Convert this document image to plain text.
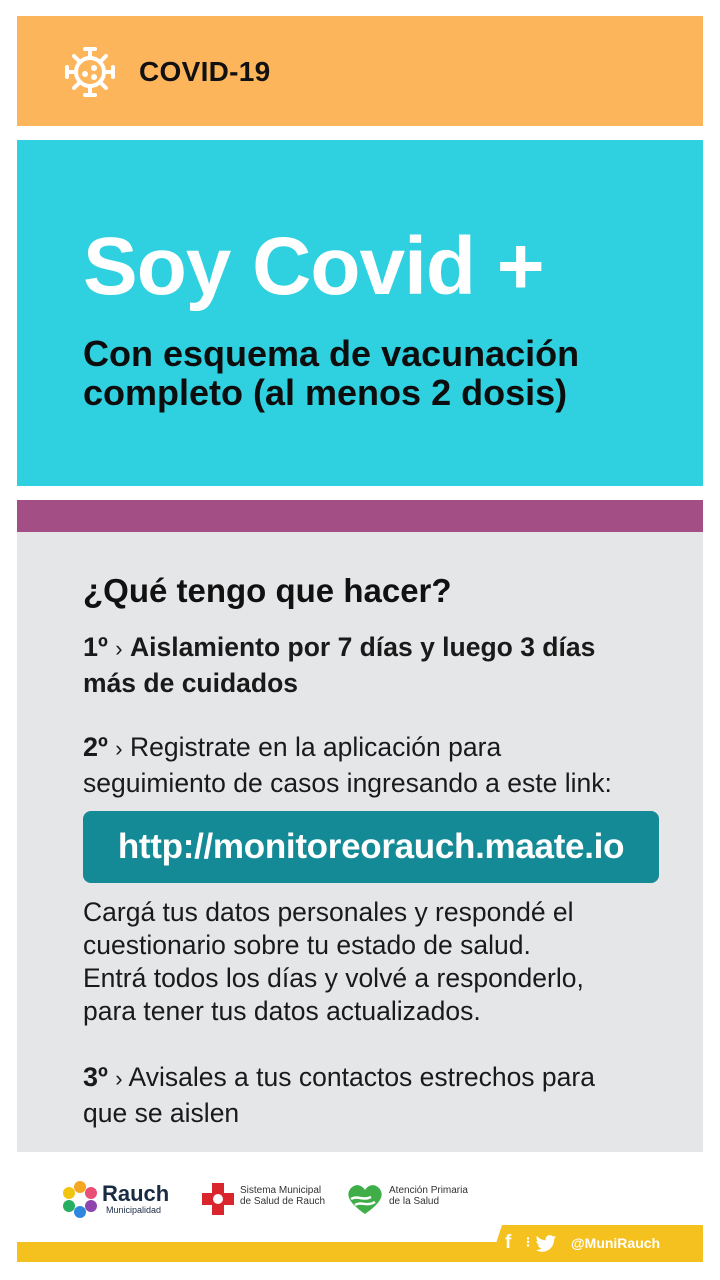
COVID-19
Soy Covid +
Con esquema de vacunación
completo (al menos 2 dosis)
¿Qué tengo que hacer?
1º › Aislamiento por 7 días y luego 3 días
más de cuidados
2º › Registrate en la aplicación para
seguimiento de casos ingresando a este link:
http://monitoreorauch.maate.io
Cargá tus datos personales y respondé el
cuestionario sobre tu estado de salud.
Entrá todos los días y volvé a responderlo,
para tener tus datos actualizados.
3º › Avisales a tus contactos estrechos para
que se aislen
Rauch
Municipalidad
Sistema Municipal
de Salud de Rauch
Atención Primaria
de la Salud
f ⋮	@MuniRauch
